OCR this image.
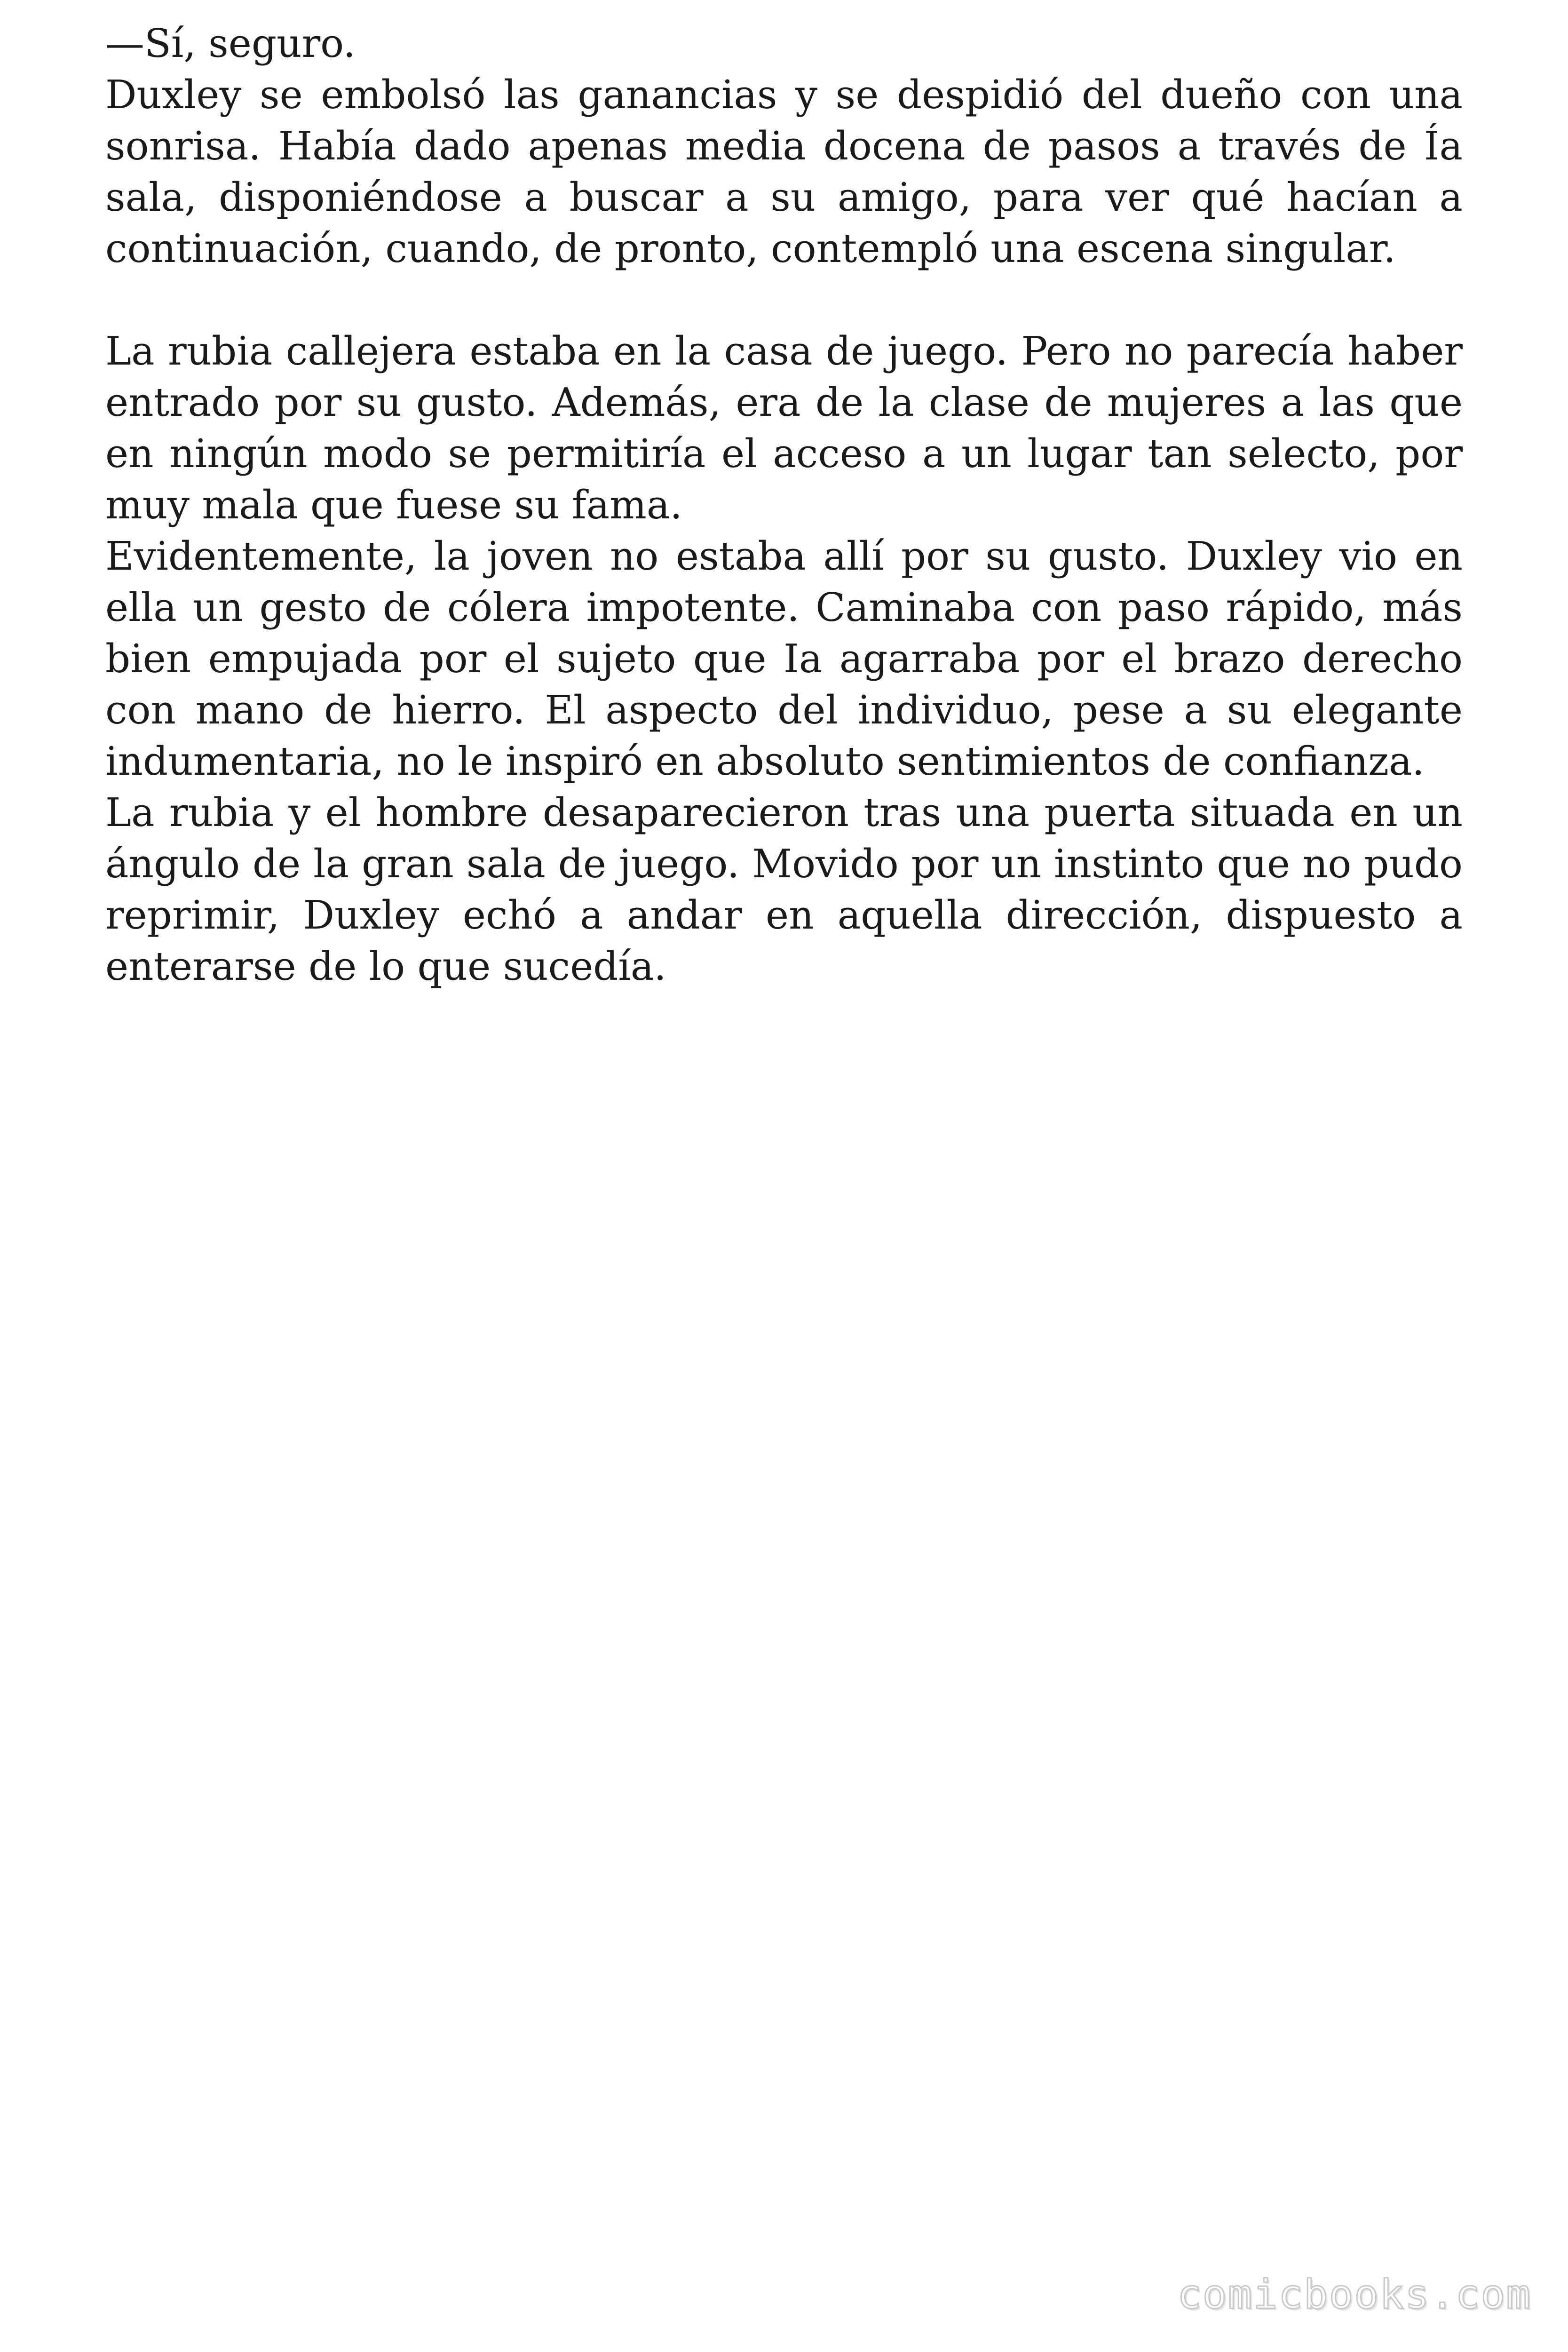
—Sí, seguro.

Duxley se embolsó las ganancias y se despidió del dueño con una sonrisa. Había dado apenas media docena de pasos a través de Ía sala, disponiéndose a buscar a su amigo, para ver qué hacían a continuación, cuando, de pronto, contempló una escena singular.

La rubia callejera estaba en la casa de juego. Pero no parecía haber entrado por su gusto. Además, era de la clase de mujeres a las que en ningún modo se permitiría el acceso a un lugar tan selecto, por muy mala que fuese su fama.

Evidentemente, la joven no estaba allí por su gusto. Duxley vio en ella un gesto de cólera impotente. Caminaba con paso rápido, más bien empujada por el sujeto que Ia agarraba por el brazo derecho con mano de hierro. El aspecto del individuo, pese a su elegante indumentaria, no le inspiró en absoluto sentimientos de confianza.

La rubia y el hombre desaparecieron tras una puerta situada en un ángulo de la gran sala de juego. Movido por un instinto que no pudo reprimir, Duxley echó a andar en aquella dirección, dispuesto a enterarse de lo que sucedía.

comicbooks.com
